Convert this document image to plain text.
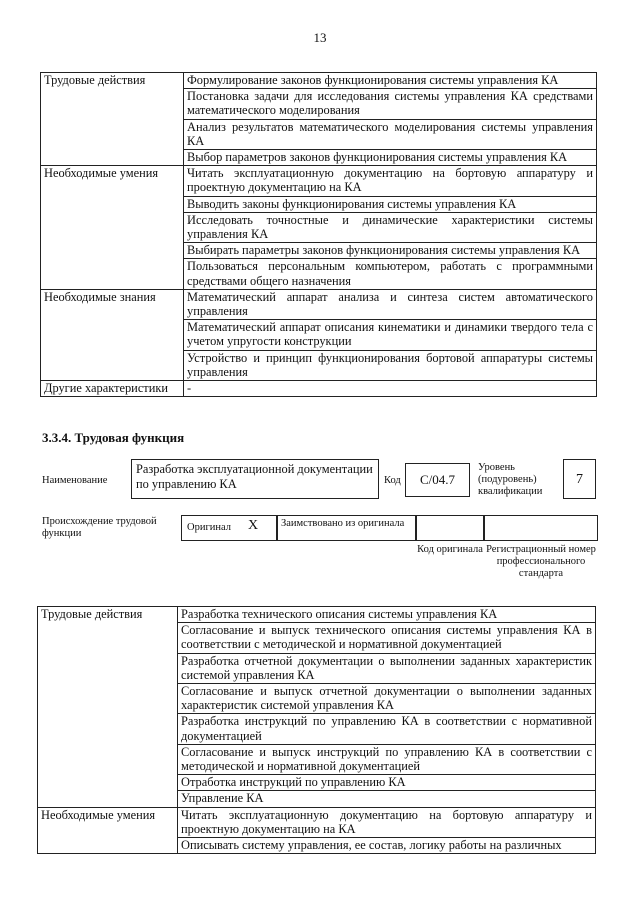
13
Трудовые действия	Формулирование законов функционирования системы управления КА
	Постановка задачи для исследования системы управления КА средствами математического моделирования
	Анализ результатов математического моделирования системы управления КА
	Выбор параметров законов функционирования системы управления КА
Необходимые умения	Читать эксплуатационную документацию на бортовую аппаратуру и проектную документацию на КА
	Выводить законы функционирования системы управления КА
	Исследовать точностные и динамические характеристики системы управления КА
	Выбирать параметры законов функционирования системы управления КА
	Пользоваться персональным компьютером, работать с программными средствами общего назначения
Необходимые знания	Математический аппарат анализа и синтеза систем автоматического управления
	Математический аппарат описания кинематики и динамики твердого тела с учетом упругости конструкции
	Устройство и принцип функционирования бортовой аппаратуры системы управления
Другие характеристики	-
3.3.4. Трудовая функция
Наименование
Разработка эксплуатационной документации по управлению КА	Код	C/04.7
Уровень (подуровень) квалификации
7
Происхождение трудовой функции
Оригинал X	Заимствовано из оригинала
Код оригинала Регистрационный номер профессионального стандарта
Трудовые действия	Разработка технического описания системы управления КА
	Согласование и выпуск технического описания системы управления КА в соответствии с методической и нормативной документацией
	Разработка отчетной документации о выполнении заданных характеристик системой управления КА
	Согласование и выпуск отчетной документации о выполнении заданных характеристик системой управления КА
	Разработка инструкций по управлению КА в соответствии с нормативной документацией
	Согласование и выпуск инструкций по управлению КА в соответствии с методической и нормативной документацией
	Отработка инструкций по управлению КА
	Управление КА
Необходимые умения	Читать эксплуатационную документацию на бортовую аппаратуру и проектную документацию на КА
	Описывать систему управления, ее состав, логику работы на различных
